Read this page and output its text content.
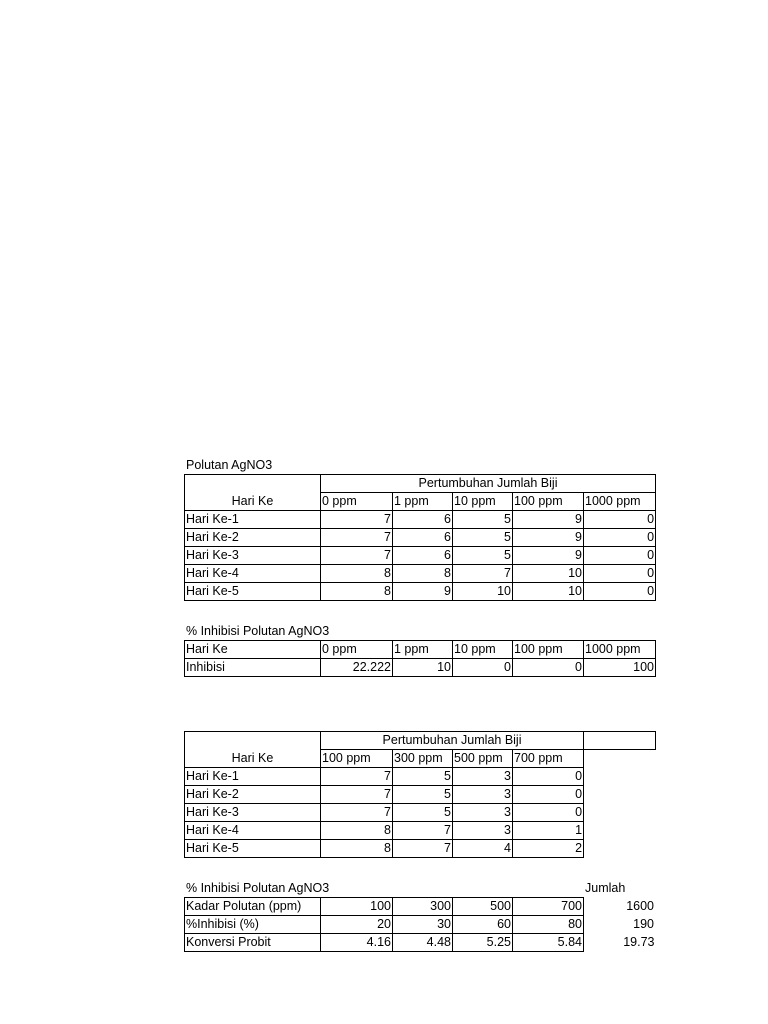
Polutan AgNO3
Hari Ke	Pertumbuhan Jumlah Biji				
	0 ppm	1 ppm	10 ppm	100 ppm	1000 ppm
Hari Ke-1	7	6	5	9	0
Hari Ke-2	7	6	5	9	0
Hari Ke-3	7	6	5	9	0
Hari Ke-4	8	8	7	10	0
Hari Ke-5	8	9	10	10	0
% Inhibisi Polutan AgNO3
Hari Ke	0 ppm	1 ppm	10 ppm	100 ppm	1000 ppm
Inhibisi	22.222	10	0	0	100
Hari Ke	Pertumbuhan Jumlah Biji				
	100 ppm	300 ppm	500 ppm	700 ppm	
Hari Ke-1	7	5	3	0	
Hari Ke-2	7	5	3	0	
Hari Ke-3	7	5	3	0	
Hari Ke-4	8	7	3	1	
Hari Ke-5	8	7	4	2	
% Inhibisi Polutan AgNO3	Jumlah
Kadar Polutan (ppm)	100	300	500	700	1600
%Inhibisi (%)	20	30	60	80	190
Konversi Probit	4.16	4.48	5.25	5.84	19.73
